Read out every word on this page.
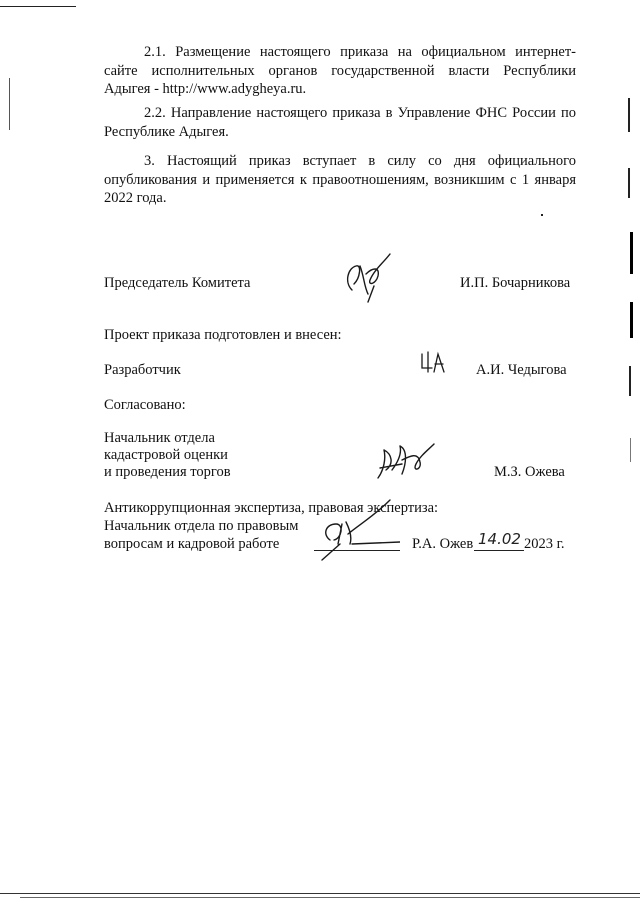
2.1. Размещение настоящего приказа на официальном интернет-
сайте исполнительных органов государственной власти Республики
Адыгея - http://www.adygheya.ru.

2.2. Направление настоящего приказа в Управление ФНС России по
Республике Адыгея.

3. Настоящий приказ вступает в силу со дня официального
опубликования и применяется к правоотношениям, возникшим с 1 января
2022 года.

Председатель Комитета	И.П. Бочарникова
Проект приказа подготовлен и внесен:
Разработчик	А.И. Чедыгова
Согласовано:
Начальник отдела
кадастровой оценки
и проведения торгов	М.З. Ожева
Антикоррупционная экспертиза, правовая экспертиза:
Начальник отдела по правовым
вопросам и кадровой работе	Р.А. Ожев 14.02 2023 г.
